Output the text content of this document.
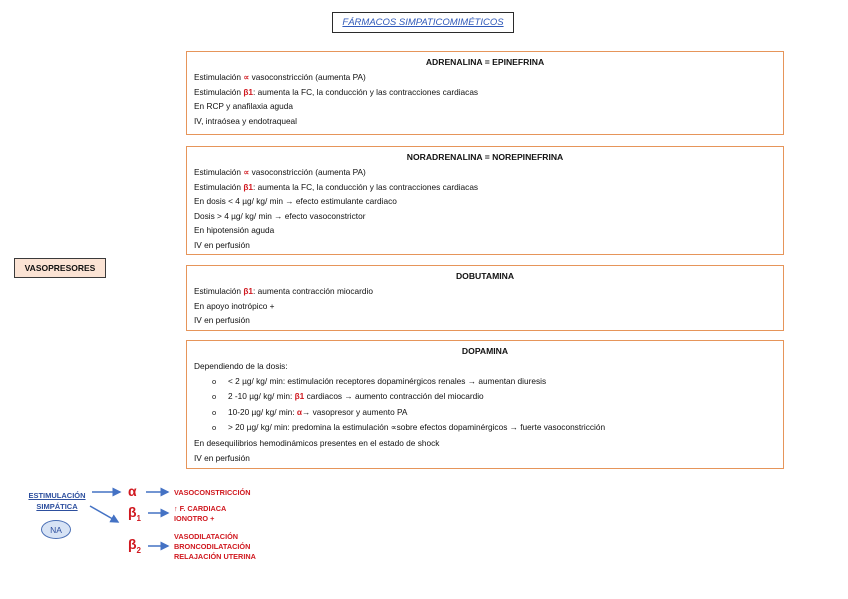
FÁRMACOS SIMPATICOMIMÉTICOS
VASOPRESORES
ADRENALINA = EPINEFRINA
Estimulación ∝ vasoconstricción (aumenta PA)
Estimulación β1: aumenta la FC, la conducción y las contracciones cardiacas
En RCP y anafilaxia aguda
IV, intraósea y endotraqueal
NORADRENALINA = NOREPINEFRINA
Estimulación ∝ vasoconstricción (aumenta PA)
Estimulación β1: aumenta la FC, la conducción y las contracciones cardiacas
En dosis < 4 µg/ kg/ min → efecto estimulante cardiaco
Dosis > 4 µg/ kg/ min → efecto vasoconstrictor
En hipotensión aguda
IV en perfusión
DOBUTAMINA
Estimulación β1: aumenta contracción miocardio
En apoyo inotrópico +
IV en perfusión
DOPAMINA
Dependiendo de la dosis:
o < 2 µg/ kg/ min: estimulación receptores dopaminérgicos renales → aumentan diuresis
o 2 -10 µg/ kg/ min: β1 cardiacos → aumento contracción del miocardio
o 10-20 µg/ kg/ min: α→ vasopresor y aumento PA
o > 20 µg/ kg/ min: predomina la estimulación ∝sobre efectos dopaminérgicos → fuerte vasoconstricción
En desequilibrios hemodinámicos presentes en el estado de shock
IV en perfusión
ESTIMULACIÓN
SIMPÁTICA
NA
α
$\beta_1$
$\beta_2$
VASOCONSTRICCIÓN
↑ F. CARDIACA
IONOTRO +
VASODILATACIÓN
BRONCODILATACIÓN
RELAJACIÓN UTERINA
